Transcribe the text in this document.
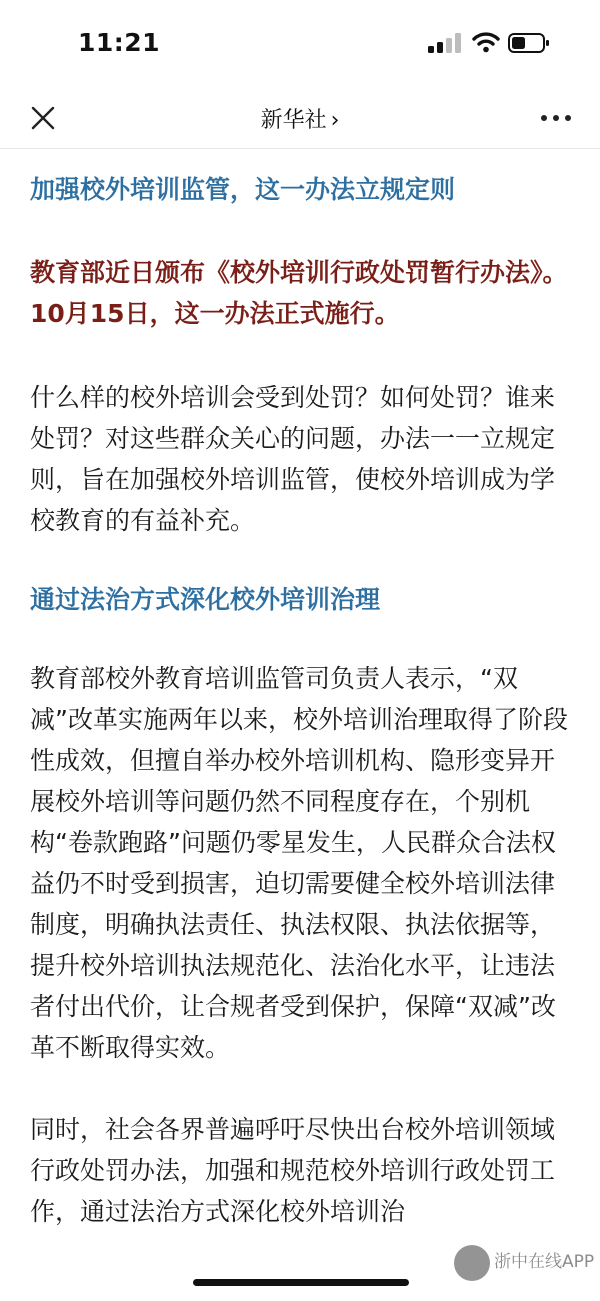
11:21
新华社 ›

加强校外培训监管，这一办法立规定则

教育部近日颁布《校外培训行政处罚暂行办法》。10月15日，这一办法正式施行。

什么样的校外培训会受到处罚？如何处罚？谁来处罚？对这些群众关心的问题，办法一一立规定则，旨在加强校外培训监管，使校外培训成为学校教育的有益补充。

通过法治方式深化校外培训治理

教育部校外教育培训监管司负责人表示，“双减”改革实施两年以来，校外培训治理取得了阶段性成效，但擅自举办校外培训机构、隐形变异开展校外培训等问题仍然不同程度存在，个别机构“卷款跑路”问题仍零星发生，人民群众合法权益仍不时受到损害，迫切需要健全校外培训法律制度，明确执法责任、执法权限、执法依据等，提升校外培训执法规范化、法治化水平，让违法者付出代价，让合规者受到保护，保障“双减”改革不断取得实效。

同时，社会各界普遍呼吁尽快出台校外培训领域行政处罚办法，加强和规范校外培训行政处罚工作，通过法治方式深化校外培训治

浙中在线APP
